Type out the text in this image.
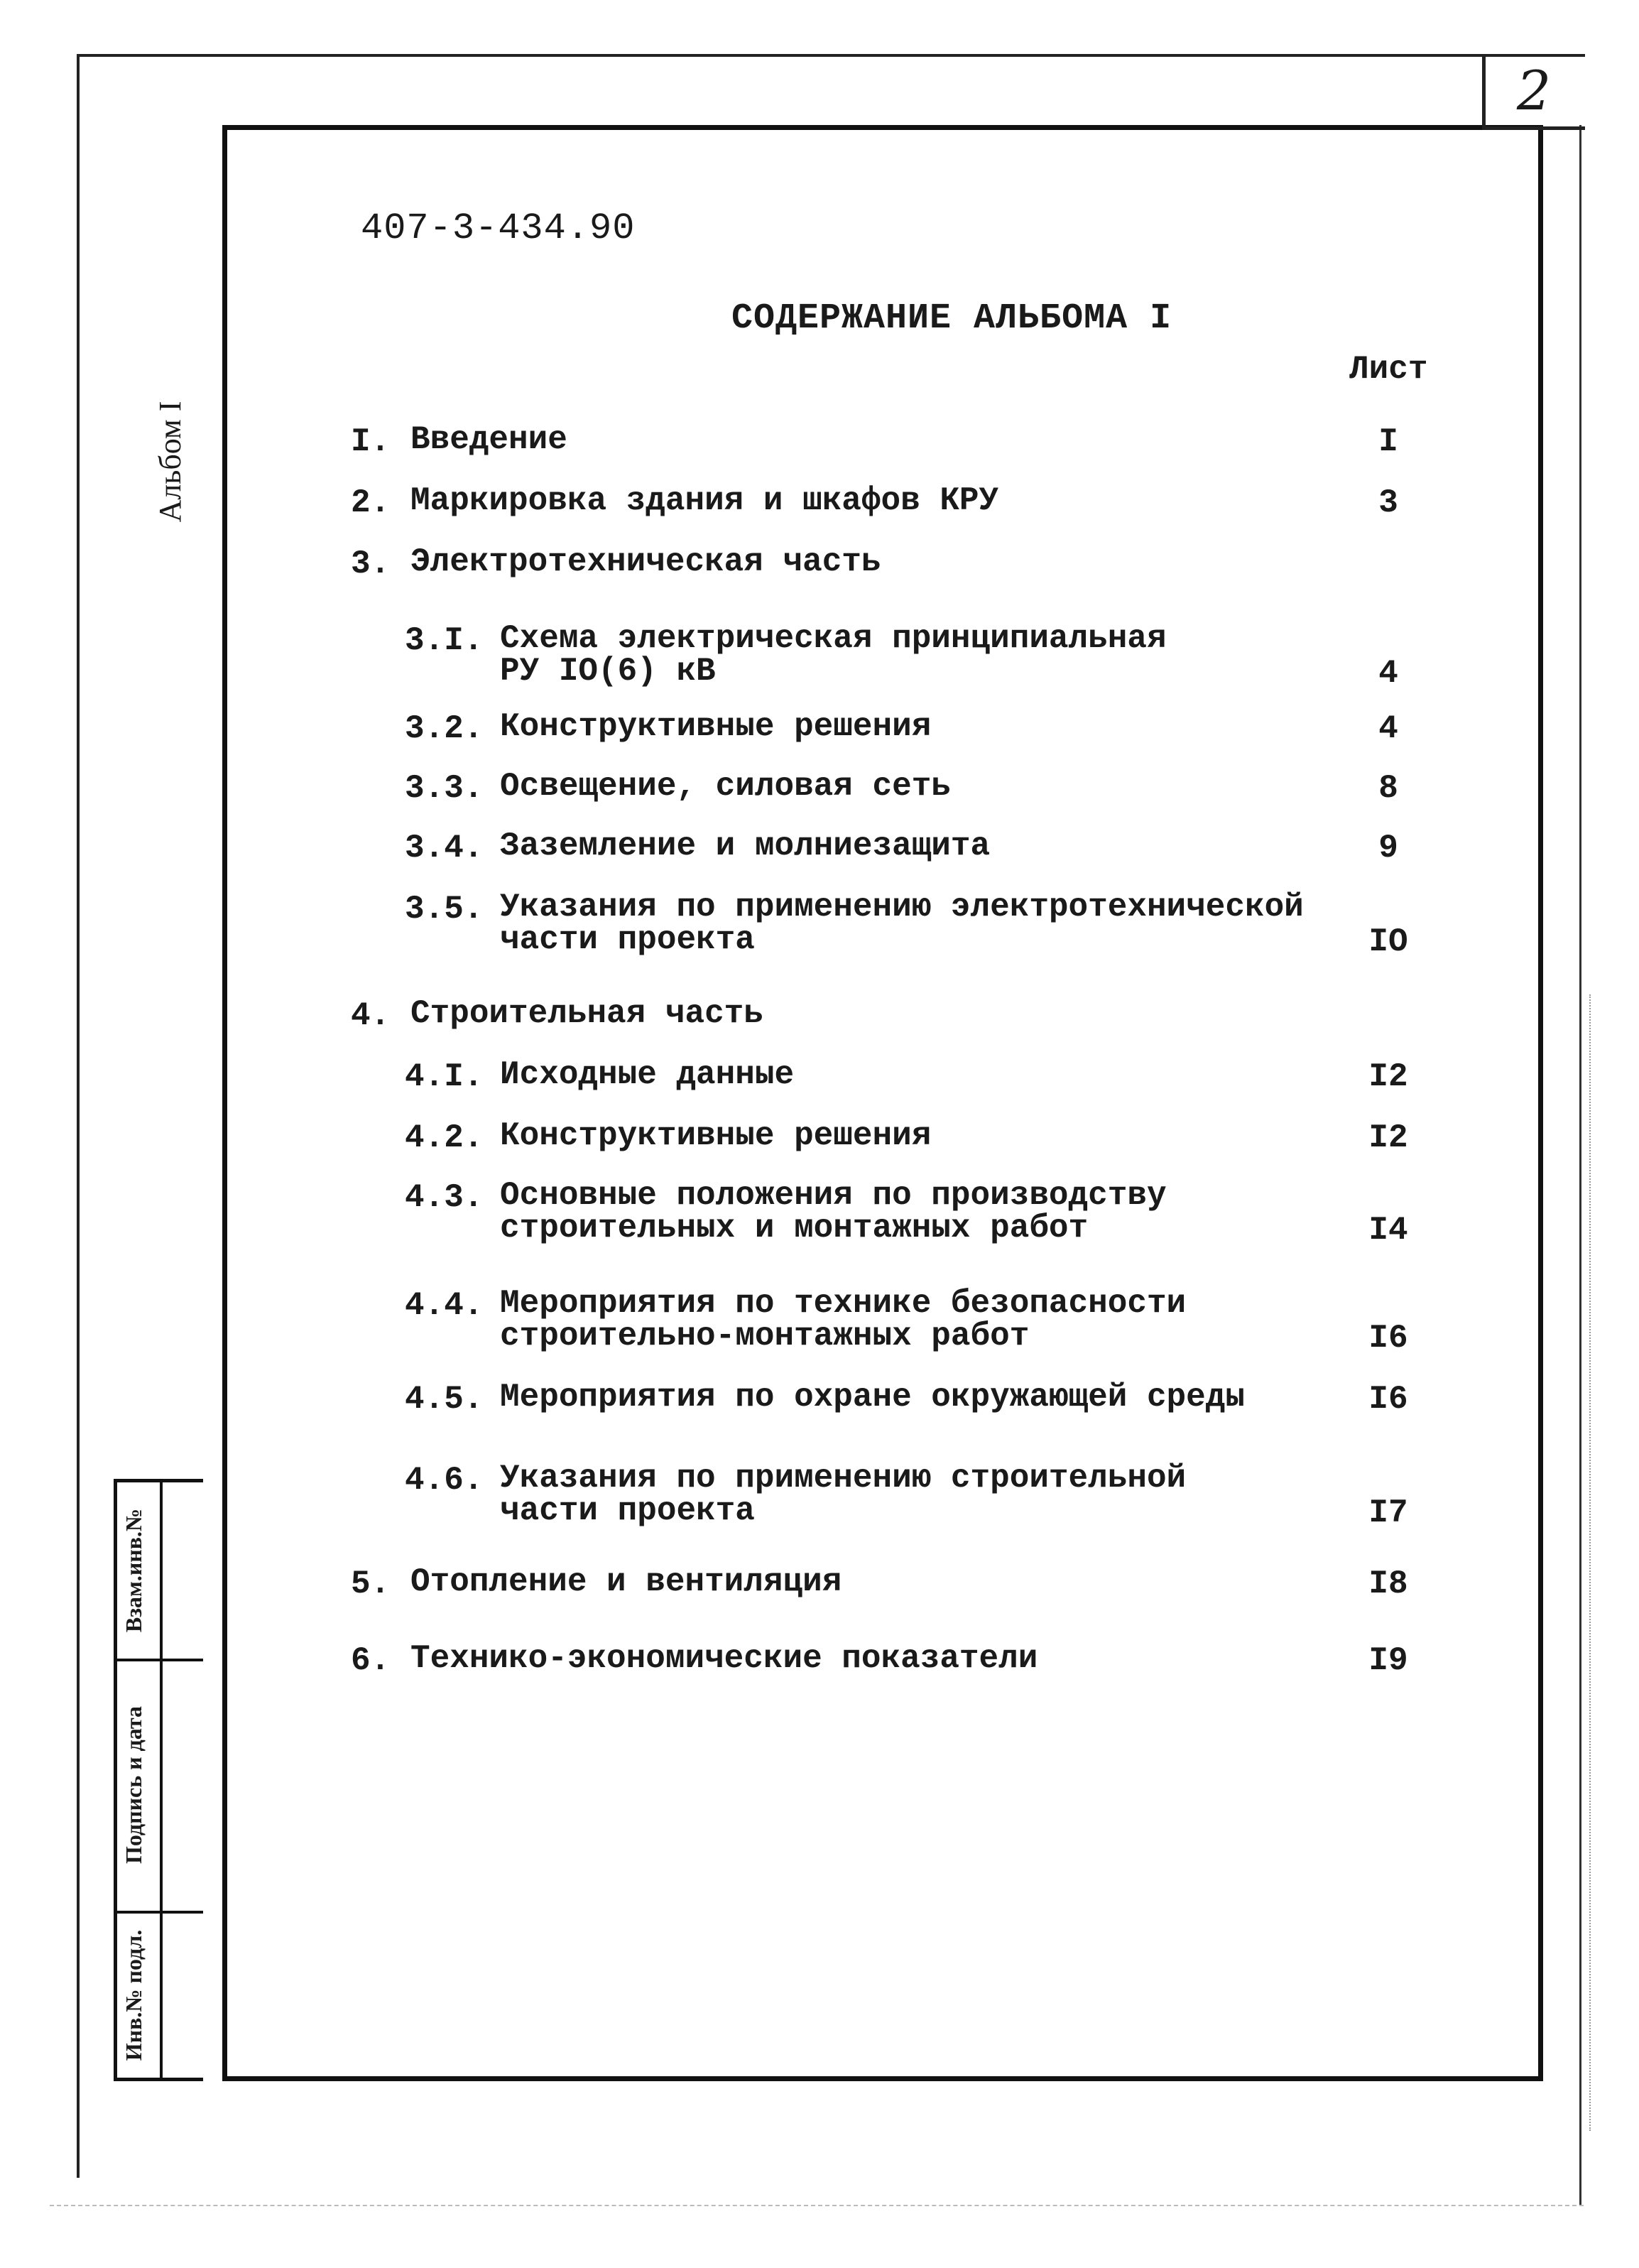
2
Альбом I
Взам.инв.№
Подпись и дата
Инв.№ подл.
407-3-434.90
СОДЕРЖАНИЕ АЛЬБОМА I
Лист
I. Введение	I
2. Маркировка здания и шкафов КРУ	3
3. Электротехническая часть
3.I. Схема электрическая принципиальная
РУ IO(6) кВ	4
3.2. Конструктивные решения	4
3.3. Освещение, силовая сеть	8
3.4. Заземление и молниезащита	9
3.5. Указания по применению электротехнической
части проекта	IO
4. Строительная часть
4.I. Исходные данные	I2
4.2. Конструктивные решения	I2
4.3. Основные положения по производству
строительных и монтажных работ	I4
4.4. Мероприятия по технике безопасности
строительно-монтажных работ	I6
4.5. Мероприятия по охране окружающей среды	I6
4.6. Указания по применению строительной
части проекта	I7
5. Отопление и вентиляция	I8
6. Технико-экономические показатели	I9
